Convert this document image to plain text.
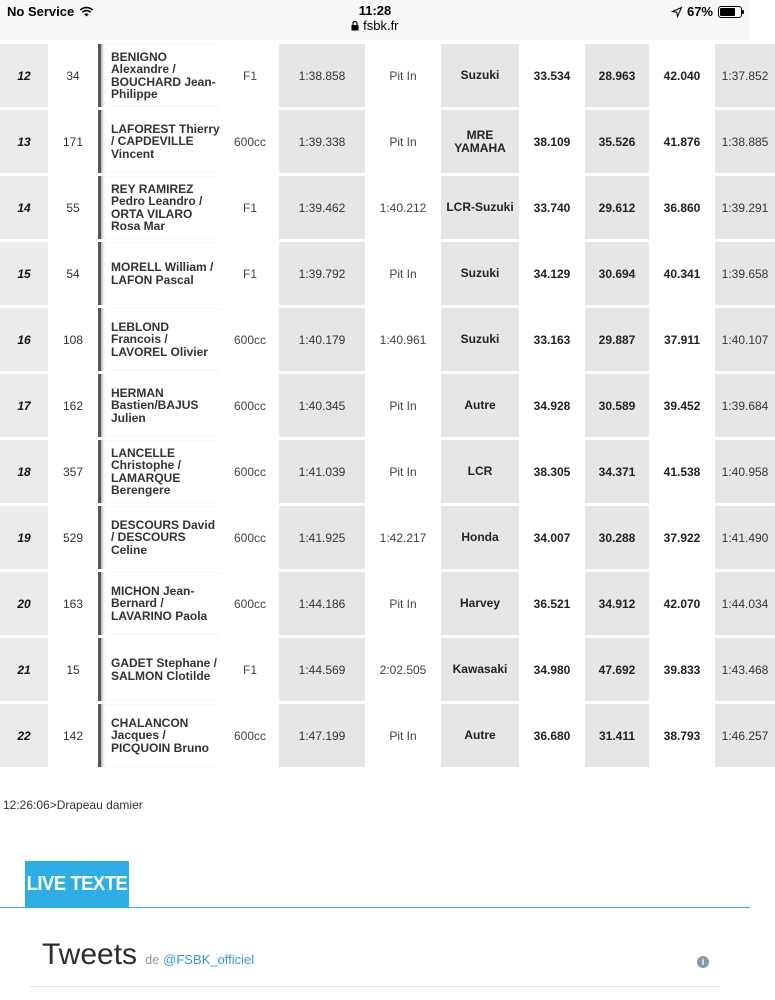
No Service	11:28
fsbk.fr
67%
12	34	BENIGNO Alexandre / BOUCHARD Jean-Philippe	F1	1:38.858	Pit In	Suzuki	33.534	28.963	42.040	1:37.852
13	171	LAFOREST Thierry / CAPDEVILLE Vincent	600cc	1:39.338	Pit In	MRE YAMAHA	38.109	35.526	41.876	1:38.885
14	55	REY RAMIREZ Pedro Leandro / ORTA VILARO Rosa Mar	F1	1:39.462	1:40.212	LCR-Suzuki	33.740	29.612	36.860	1:39.291
15	54	MORELL William / LAFON Pascal	F1	1:39.792	Pit In	Suzuki	34.129	30.694	40.341	1:39.658
16	108	LEBLOND Francois / LAVOREL Olivier	600cc	1:40.179	1:40.961	Suzuki	33.163	29.887	37.911	1:40.107
17	162	HERMAN Bastien/BAJUS Julien	600cc	1:40.345	Pit In	Autre	34.928	30.589	39.452	1:39.684
18	357	LANCELLE Christophe / LAMARQUE Berengere	600cc	1:41.039	Pit In	LCR	38.305	34.371	41.538	1:40.958
19	529	DESCOURS David / DESCOURS Celine	600cc	1:41.925	1:42.217	Honda	34.007	30.288	37.922	1:41.490
20	163	MICHON Jean-Bernard / LAVARINO Paola	600cc	1:44.186	Pit In	Harvey	36.521	34.912	42.070	1:44.034
21	15	GADET Stephane / SALMON Clotilde	F1	1:44.569	2:02.505	Kawasaki	34.980	47.692	39.833	1:43.468
22	142	CHALANCON Jacques / PICQUOIN Bruno	600cc	1:47.199	Pit In	Autre	36.680	31.411	38.793	1:46.257
12:26:06>Drapeau damier
LIVE TEXTE
Tweets de @FSBK_officiel	i
